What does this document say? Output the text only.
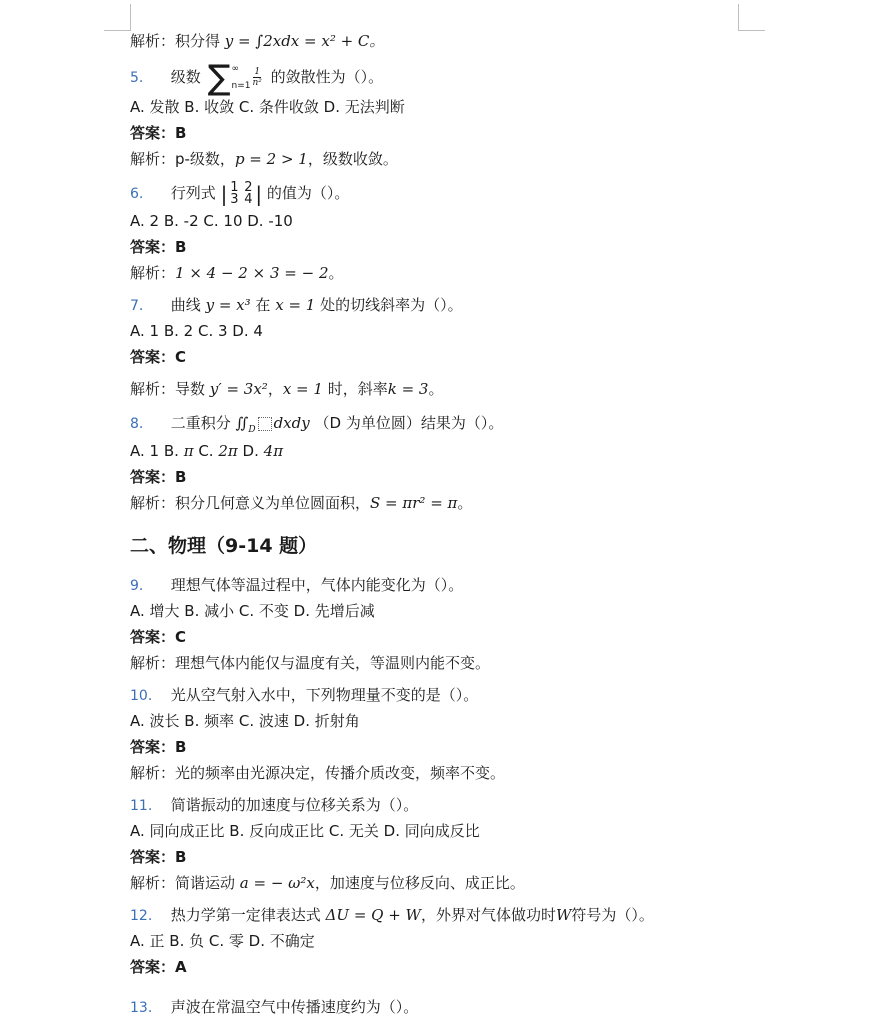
解析：积分得 y = ∫2xdx = x² + C。
5. 级数 ∑ ∞
$n=1 \frac{1}{\text{n²}}$ 的敛散性为（）。
A. 发散 B. 收敛 C. 条件收敛 D. 无法判断
答案：B
解析：p-级数，p = 2 > 1，级数收敛。
6. 行列式 | 1 2
3 4 | 的值为（）。
A. 2 B. -2 C. 10 D. -10
答案：B
解析：1 × 4 − 2 × 3 = − 2。
7. 曲线 y = x³ 在 x = 1 处的切线斜率为（）。
A. 1 B. 2 C. 3 D. 4
答案：C
解析：导数 y′ = 3x²，x = 1 时，斜率k = 3。
8. 二重积分 $∬_D$ dxdy （D 为单位圆）结果为（）。
A. 1 B. π C. 2π D. 4π
答案：B
解析：积分几何意义为单位圆面积，S = πr² = π。
二、物理（9-14 题）
9. 理想气体等温过程中，气体内能变化为（）。
A. 增大 B. 减小 C. 不变 D. 先增后减
答案：C
解析：理想气体内能仅与温度有关，等温则内能不变。
10. 光从空气射入水中，下列物理量不变的是（）。
A. 波长 B. 频率 C. 波速 D. 折射角
答案：B
解析：光的频率由光源决定，传播介质改变，频率不变。
11. 简谐振动的加速度与位移关系为（）。
A. 同向成正比 B. 反向成正比 C. 无关 D. 同向成反比
答案：B
解析：简谐运动 a = − ω²x，加速度与位移反向、成正比。
12. 热力学第一定律表达式 ΔU = Q + W，外界对气体做功时W符号为（）。
A. 正 B. 负 C. 零 D. 不确定
答案：A
13. 声波在常温空气中传播速度约为（）。
